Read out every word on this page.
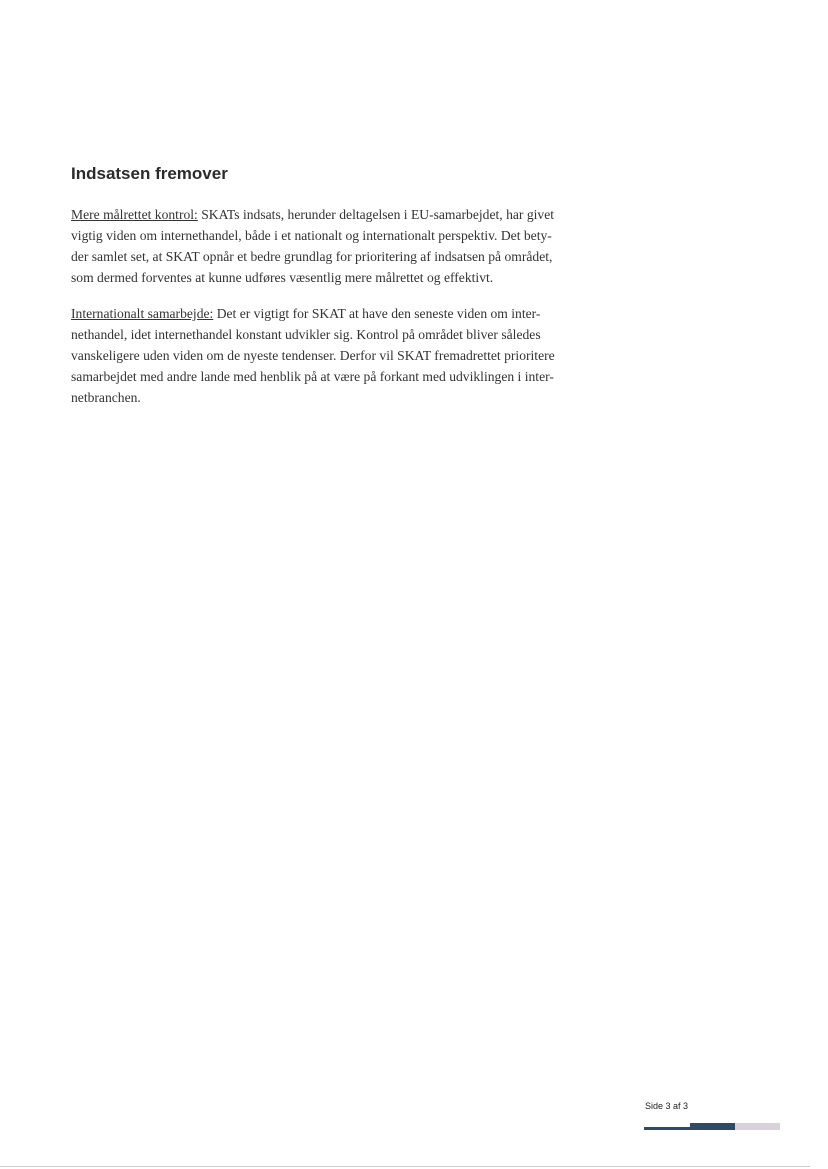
Indsatsen fremover
Mere målrettet kontrol: SKATs indsats, herunder deltagelsen i EU-samarbejdet, har givet
vigtig viden om internethandel, både i et nationalt og internationalt perspektiv. Det bety-
der samlet set, at SKAT opnår et bedre grundlag for prioritering af indsatsen på området,
som dermed forventes at kunne udføres væsentlig mere målrettet og effektivt.
Internationalt samarbejde: Det er vigtigt for SKAT at have den seneste viden om inter-
nethandel, idet internethandel konstant udvikler sig. Kontrol på området bliver således
vanskeligere uden viden om de nyeste tendenser. Derfor vil SKAT fremadrettet prioritere
samarbejdet med andre lande med henblik på at være på forkant med udviklingen i inter-
netbranchen.
Side 3 af 3
